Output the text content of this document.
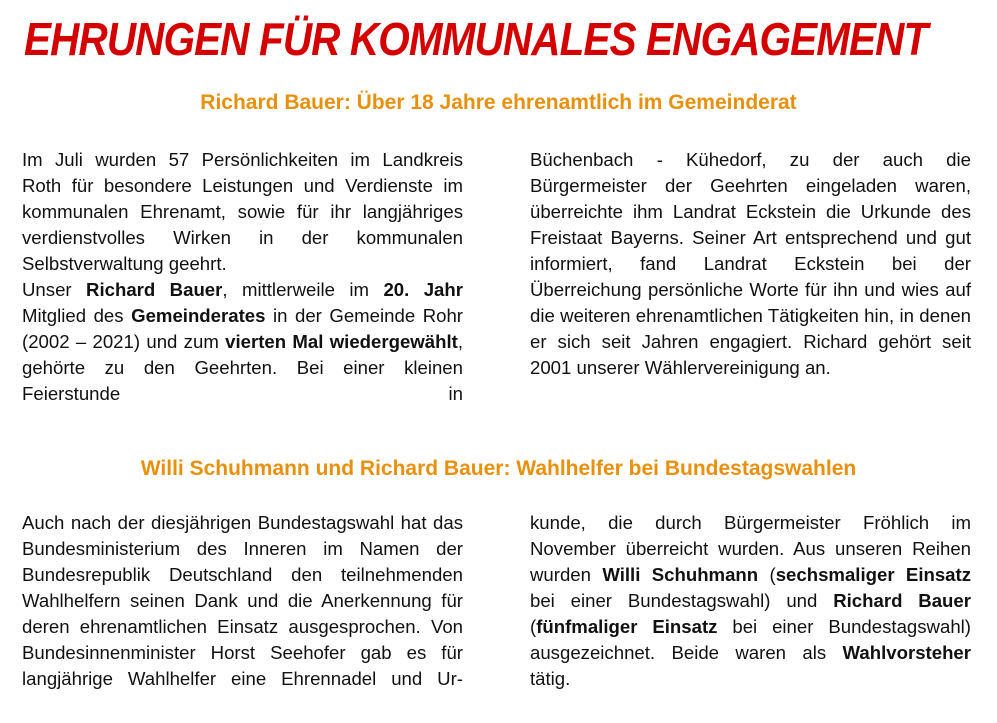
EHRUNGEN FÜR KOMMUNALES ENGAGEMENT
Richard Bauer: Über 18 Jahre ehrenamtlich im Gemeinderat

Im Juli wurden 57 Persönlichkeiten im Landkreis Roth für besondere Leistungen und Verdienste im kommunalen Ehrenamt, sowie für ihr langjähriges verdienstvolles Wirken in der kommunalen Selbstverwaltung geehrt.

Unser Richard Bauer, mittlerweile im 20. Jahr Mitglied des Gemeinderates in der Gemeinde Rohr (2002 – 2021) und zum vierten Mal wiedergewählt, gehörte zu den Geehrten. Bei einer kleinen Feierstunde in

Büchenbach - Kühedorf, zu der auch die Bürgermeister der Geehrten eingeladen waren, überreichte ihm Landrat Eckstein die Urkunde des Freistaat Bayerns. Seiner Art entsprechend und gut informiert, fand Landrat Eckstein bei der Überreichung persönliche Worte für ihn und wies auf die weiteren ehrenamtlichen Tätigkeiten hin, in denen er sich seit Jahren engagiert. Richard gehört seit 2001 unserer Wählervereinigung an.

Willi Schuhmann und Richard Bauer: Wahlhelfer bei Bundestagswahlen

Auch nach der diesjährigen Bundestagswahl hat das Bundesministerium des Inneren im Namen der Bundesrepublik Deutschland den teilnehmenden Wahlhelfern seinen Dank und die Anerkennung für deren ehrenamtlichen Einsatz ausgesprochen. Von Bundesinnenminister Horst Seehofer gab es für langjährige Wahlhelfer eine Ehrennadel und Ur-

kunde, die durch Bürgermeister Fröhlich im November überreicht wurden. Aus unseren Reihen wurden Willi Schuhmann (sechsmaliger Einsatz bei einer Bundestagswahl) und Richard Bauer (fünfmaliger Einsatz bei einer Bundestagswahl) ausgezeichnet. Beide waren als Wahlvorsteher tätig.
